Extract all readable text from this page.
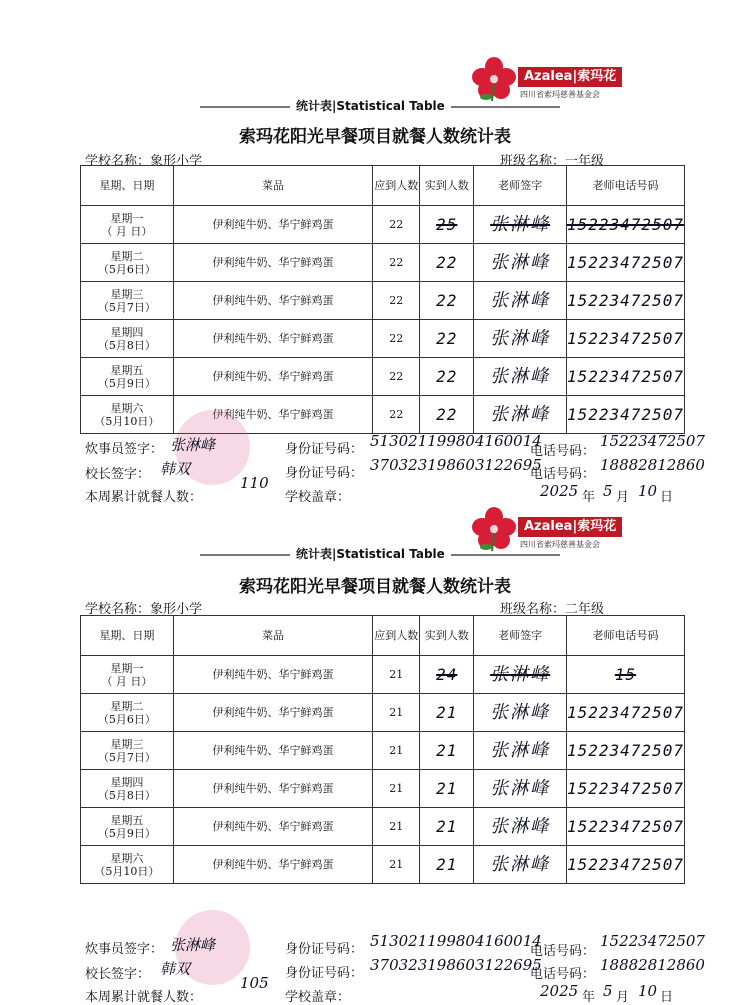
Azalea|索玛花
四川省索玛慈善基金会
统计表|Statistical Table
索玛花阳光早餐项目就餐人数统计表
学校名称：象形小学	班级名称：一年级
星期、日期	菜品	应到人数	实到人数	老师签字	老师电话号码

星期一
（ 月 日）	伊利纯牛奶、华宁鲜鸡蛋	22	25	张淋峰	15223472507

星期二
（5月6日）	伊利纯牛奶、华宁鲜鸡蛋	22	22	张淋峰	15223472507

星期三
（5月7日）	伊利纯牛奶、华宁鲜鸡蛋	22	22	张淋峰	15223472507

星期四
（5月8日）	伊利纯牛奶、华宁鲜鸡蛋	22	22	张淋峰	15223472507

星期五
（5月9日）	伊利纯牛奶、华宁鲜鸡蛋	22	22	张淋峰	15223472507

星期六
（5月10日）	伊利纯牛奶、华宁鲜鸡蛋	22	22	张淋峰	15223472507
炊事员签字： 张淋峰	身份证号码： 513021199804160014
电话号码：
15223472507
校长签字： 韩双	身份证号码： 370323198603122695
电话号码：
18882812860
本周累计就餐人数：
110
学校盖章：	2025 年 5 月 10 日
Azalea|索玛花
四川省索玛慈善基金会
统计表|Statistical Table
索玛花阳光早餐项目就餐人数统计表
学校名称：象形小学	班级名称：二年级
星期、日期	菜品	应到人数	实到人数	老师签字	老师电话号码

星期一
（ 月 日）	伊利纯牛奶、华宁鲜鸡蛋	21	24	张淋峰	15

星期二
（5月6日）	伊利纯牛奶、华宁鲜鸡蛋	21	21	张淋峰	15223472507

星期三
（5月7日）	伊利纯牛奶、华宁鲜鸡蛋	21	21	张淋峰	15223472507

星期四
（5月8日）	伊利纯牛奶、华宁鲜鸡蛋	21	21	张淋峰	15223472507

星期五
（5月9日）	伊利纯牛奶、华宁鲜鸡蛋	21	21	张淋峰	15223472507

星期六
（5月10日）	伊利纯牛奶、华宁鲜鸡蛋	21	21	张淋峰	15223472507
炊事员签字： 张淋峰	身份证号码： 513021199804160014
电话号码：
15223472507
校长签字： 韩双	身份证号码： 370323198603122695
电话号码：
18882812860
本周累计就餐人数：
105
学校盖章：	2025 年 5 月 10 日
